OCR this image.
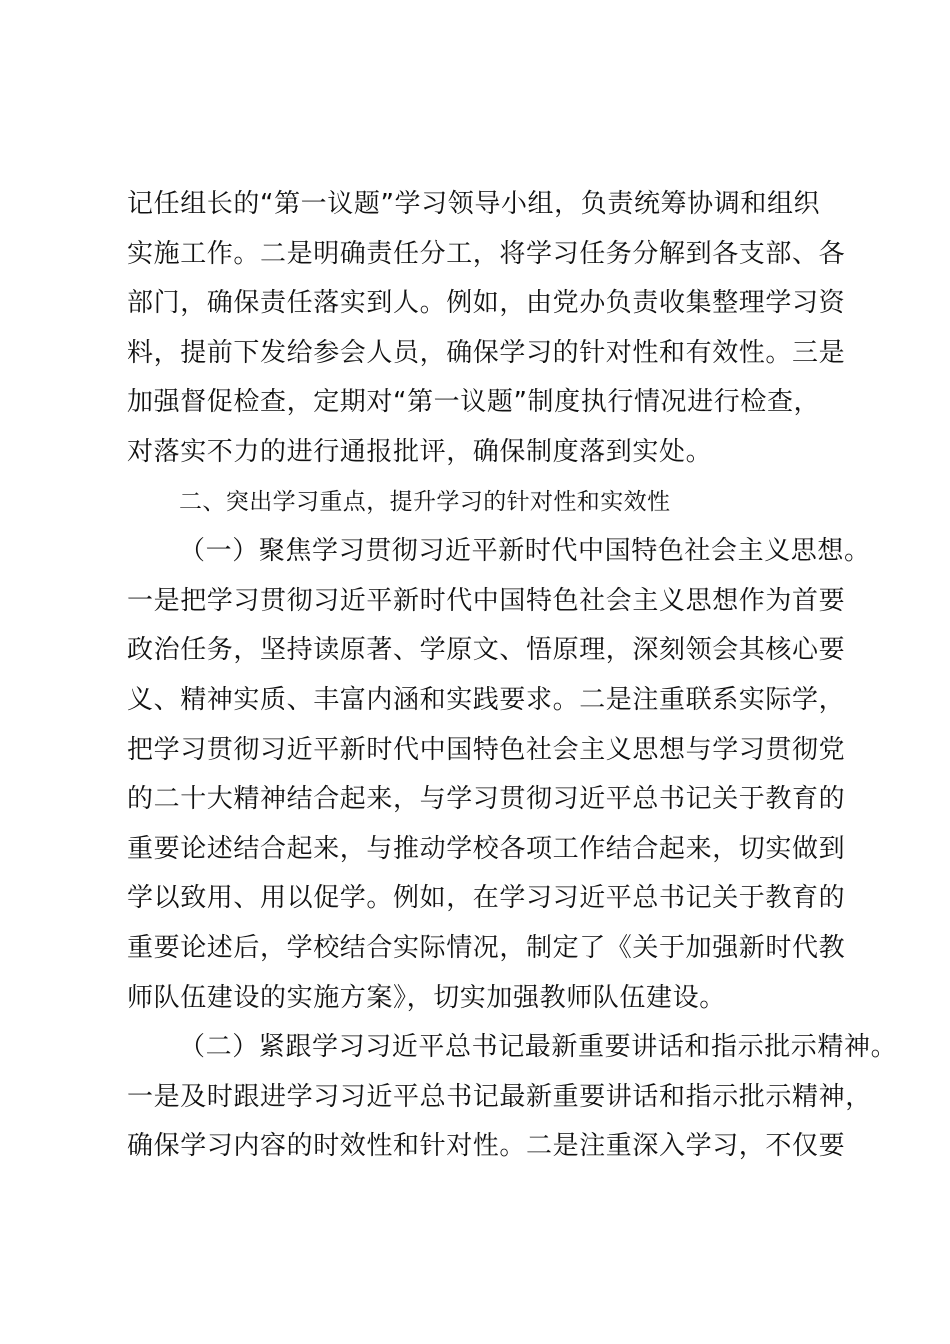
记任组长的“第一议题”学习领导小组，负责统筹协调和组织
实施工作。二是明确责任分工，将学习任务分解到各支部、各
部门，确保责任落实到人。例如，由党办负责收集整理学习资
料，提前下发给参会人员，确保学习的针对性和有效性。三是
加强督促检查，定期对“第一议题”制度执行情况进行检查，
对落实不力的进行通报批评，确保制度落到实处。
二、突出学习重点，提升学习的针对性和实效性
（一）聚焦学习贯彻习近平新时代中国特色社会主义思想。
一是把学习贯彻习近平新时代中国特色社会主义思想作为首要
政治任务，坚持读原著、学原文、悟原理，深刻领会其核心要
义、精神实质、丰富内涵和实践要求。二是注重联系实际学，
把学习贯彻习近平新时代中国特色社会主义思想与学习贯彻党
的二十大精神结合起来，与学习贯彻习近平总书记关于教育的
重要论述结合起来，与推动学校各项工作结合起来，切实做到
学以致用、用以促学。例如，在学习习近平总书记关于教育的
重要论述后，学校结合实际情况，制定了《关于加强新时代教
师队伍建设的实施方案》，切实加强教师队伍建设。
（二）紧跟学习习近平总书记最新重要讲话和指示批示精神。
一是及时跟进学习习近平总书记最新重要讲话和指示批示精神，
确保学习内容的时效性和针对性。二是注重深入学习，不仅要
